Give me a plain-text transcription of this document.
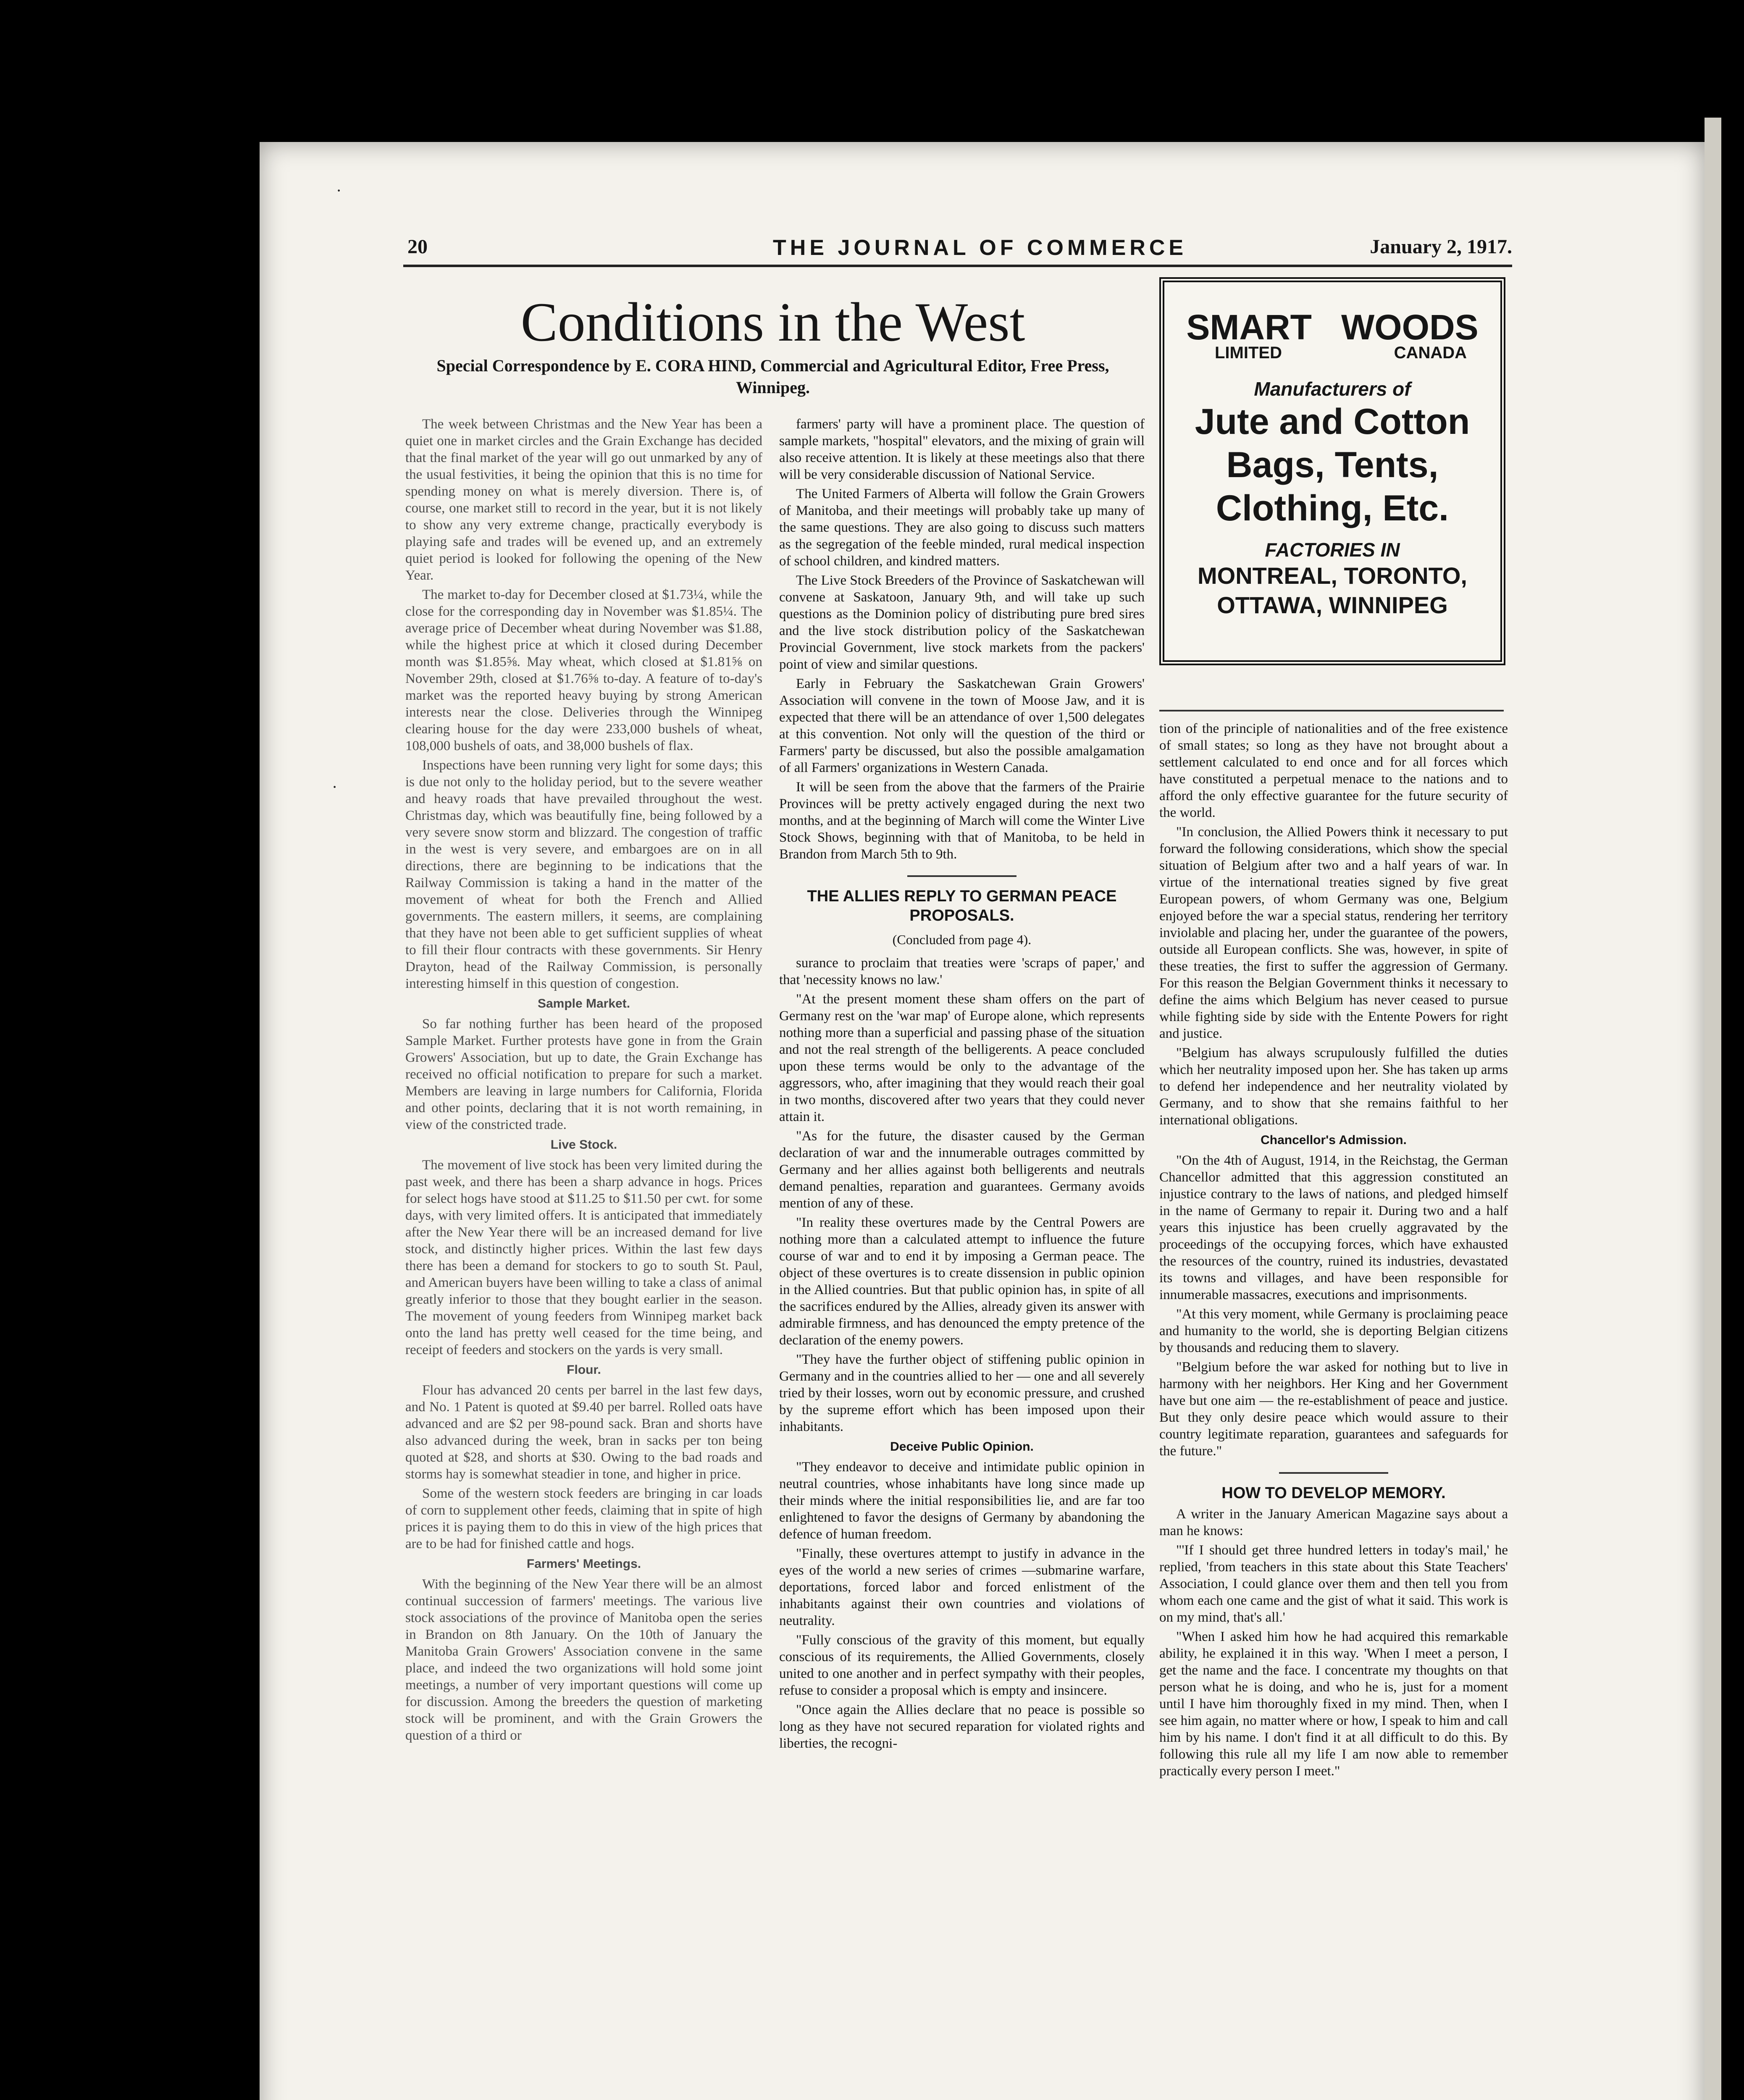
·
·
20	THE JOURNAL OF COMMERCE	January 2, 1917.
Conditions in the West
Special Correspondence by E. CORA HIND, Commercial and Agricultural Editor, Free Press, Winnipeg.

The week between Christmas and the New Year has been a quiet one in market circles and the Grain Exchange has decided that the final market of the year will go out unmarked by any of the usual festivities, it being the opinion that this is no time for spending money on what is merely diversion. There is, of course, one market still to record in the year, but it is not likely to show any very extreme change, practically everybody is playing safe and trades will be evened up, and an extremely quiet period is looked for following the opening of the New Year.

The market to-day for December closed at $1.73¼, while the close for the corresponding day in November was $1.85¼. The average price of December wheat during November was $1.88, while the highest price at which it closed during December month was $1.85⅝. May wheat, which closed at $1.81⅝ on November 29th, closed at $1.76⅝ to-day. A feature of to-day's market was the reported heavy buying by strong American interests near the close. Deliveries through the Winnipeg clearing house for the day were 233,000 bushels of wheat, 108,000 bushels of oats, and 38,000 bushels of flax.

Inspections have been running very light for some days; this is due not only to the holiday period, but to the severe weather and heavy roads that have prevailed throughout the west. Christmas day, which was beautifully fine, being followed by a very severe snow storm and blizzard. The congestion of traffic in the west is very severe, and embargoes are on in all directions, there are beginning to be indications that the Railway Commission is taking a hand in the matter of the movement of wheat for both the French and Allied governments. The eastern millers, it seems, are complaining that they have not been able to get sufficient supplies of wheat to fill their flour contracts with these governments. Sir Henry Drayton, head of the Railway Commission, is personally interesting himself in this question of congestion.

Sample Market.

So far nothing further has been heard of the proposed Sample Market. Further protests have gone in from the Grain Growers' Association, but up to date, the Grain Exchange has received no official notification to prepare for such a market. Members are leaving in large numbers for California, Florida and other points, declaring that it is not worth remaining, in view of the constricted trade.

Live Stock.

The movement of live stock has been very limited during the past week, and there has been a sharp advance in hogs. Prices for select hogs have stood at $11.25 to $11.50 per cwt. for some days, with very limited offers. It is anticipated that immediately after the New Year there will be an increased demand for live stock, and distinctly higher prices. Within the last few days there has been a demand for stockers to go to south St. Paul, and American buyers have been willing to take a class of animal greatly inferior to those that they bought earlier in the season. The movement of young feeders from Winnipeg market back onto the land has pretty well ceased for the time being, and receipt of feeders and stockers on the yards is very small.

Flour.

Flour has advanced 20 cents per barrel in the last few days, and No. 1 Patent is quoted at $9.40 per barrel. Rolled oats have advanced and are $2 per 98-pound sack. Bran and shorts have also advanced during the week, bran in sacks per ton being quoted at $28, and shorts at $30. Owing to the bad roads and storms hay is somewhat steadier in tone, and higher in price.

Some of the western stock feeders are bringing in car loads of corn to supplement other feeds, claiming that in spite of high prices it is paying them to do this in view of the high prices that are to be had for finished cattle and hogs.

Farmers' Meetings.

With the beginning of the New Year there will be an almost continual succession of farmers' meetings. The various live stock associations of the province of Manitoba open the series in Brandon on 8th January. On the 10th of January the Manitoba Grain Growers' Association convene in the same place, and indeed the two organizations will hold some joint meetings, a number of very important questions will come up for discussion. Among the breeders the question of marketing stock will be prominent, and with the Grain Growers the question of a third or

farmers' party will have a prominent place. The question of sample markets, "hospital" elevators, and the mixing of grain will also receive attention. It is likely at these meetings also that there will be very considerable discussion of National Service.

The United Farmers of Alberta will follow the Grain Growers of Manitoba, and their meetings will probably take up many of the same questions. They are also going to discuss such matters as the segregation of the feeble minded, rural medical inspection of school children, and kindred matters.

The Live Stock Breeders of the Province of Saskatchewan will convene at Saskatoon, January 9th, and will take up such questions as the Dominion policy of distributing pure bred sires and the live stock distribution policy of the Saskatchewan Provincial Government, live stock markets from the packers' point of view and similar questions.

Early in February the Saskatchewan Grain Growers' Association will convene in the town of Moose Jaw, and it is expected that there will be an attendance of over 1,500 delegates at this convention. Not only will the question of the third or Farmers' party be discussed, but also the possible amalgamation of all Farmers' organizations in Western Canada.

It will be seen from the above that the farmers of the Prairie Provinces will be pretty actively engaged during the next two months, and at the beginning of March will come the Winter Live Stock Shows, beginning with that of Manitoba, to be held in Brandon from March 5th to 9th.

THE ALLIES REPLY TO GERMAN PEACE PROPOSALS.
(Concluded from page 4).

surance to proclaim that treaties were 'scraps of paper,' and that 'necessity knows no law.'

"At the present moment these sham offers on the part of Germany rest on the 'war map' of Europe alone, which represents nothing more than a superficial and passing phase of the situation and not the real strength of the belligerents. A peace concluded upon these terms would be only to the advantage of the aggressors, who, after imagining that they would reach their goal in two months, discovered after two years that they could never attain it.

"As for the future, the disaster caused by the German declaration of war and the innumerable outrages committed by Germany and her allies against both belligerents and neutrals demand penalties, reparation and guarantees. Germany avoids mention of any of these.

"In reality these overtures made by the Central Powers are nothing more than a calculated attempt to influence the future course of war and to end it by imposing a German peace. The object of these overtures is to create dissension in public opinion in the Allied countries. But that public opinion has, in spite of all the sacrifices endured by the Allies, already given its answer with admirable firmness, and has denounced the empty pretence of the declaration of the enemy powers.

"They have the further object of stiffening public opinion in Germany and in the countries allied to her — one and all severely tried by their losses, worn out by economic pressure, and crushed by the supreme effort which has been imposed upon their inhabitants.

Deceive Public Opinion.

"They endeavor to deceive and intimidate public opinion in neutral countries, whose inhabitants have long since made up their minds where the initial responsibilities lie, and are far too enlightened to favor the designs of Germany by abandoning the defence of human freedom.

"Finally, these overtures attempt to justify in advance in the eyes of the world a new series of crimes —submarine warfare, deportations, forced labor and forced enlistment of the inhabitants against their own countries and violations of neutrality.

"Fully conscious of the gravity of this moment, but equally conscious of its requirements, the Allied Governments, closely united to one another and in perfect sympathy with their peoples, refuse to consider a proposal which is empty and insincere.

"Once again the Allies declare that no peace is possible so long as they have not secured reparation for violated rights and liberties, the recogni-

SMART WOODS
LIMITED	CANADA
Manufacturers of
Jute and Cotton
Bags, Tents,
Clothing, Etc.
FACTORIES IN
MONTREAL, TORONTO,
OTTAWA, WINNIPEG

tion of the principle of nationalities and of the free existence of small states; so long as they have not brought about a settlement calculated to end once and for all forces which have constituted a perpetual menace to the nations and to afford the only effective guarantee for the future security of the world.

"In conclusion, the Allied Powers think it necessary to put forward the following considerations, which show the special situation of Belgium after two and a half years of war. In virtue of the international treaties signed by five great European powers, of whom Germany was one, Belgium enjoyed before the war a special status, rendering her territory inviolable and placing her, under the guarantee of the powers, outside all European conflicts. She was, however, in spite of these treaties, the first to suffer the aggression of Germany. For this reason the Belgian Government thinks it necessary to define the aims which Belgium has never ceased to pursue while fighting side by side with the Entente Powers for right and justice.

"Belgium has always scrupulously fulfilled the duties which her neutrality imposed upon her. She has taken up arms to defend her independence and her neutrality violated by Germany, and to show that she remains faithful to her international obligations.

Chancellor's Admission.

"On the 4th of August, 1914, in the Reichstag, the German Chancellor admitted that this aggression constituted an injustice contrary to the laws of nations, and pledged himself in the name of Germany to repair it. During two and a half years this injustice has been cruelly aggravated by the proceedings of the occupying forces, which have exhausted the resources of the country, ruined its industries, devastated its towns and villages, and have been responsible for innumerable massacres, executions and imprisonments.

"At this very moment, while Germany is proclaiming peace and humanity to the world, she is deporting Belgian citizens by thousands and reducing them to slavery.

"Belgium before the war asked for nothing but to live in harmony with her neighbors. Her King and her Government have but one aim — the re-establishment of peace and justice. But they only desire peace which would assure to their country legitimate reparation, guarantees and safeguards for the future."

HOW TO DEVELOP MEMORY.

A writer in the January American Magazine says about a man he knows:

"'If I should get three hundred letters in today's mail,' he replied, 'from teachers in this state about this State Teachers' Association, I could glance over them and then tell you from whom each one came and the gist of what it said. This work is on my mind, that's all.'

"When I asked him how he had acquired this remarkable ability, he explained it in this way. 'When I meet a person, I get the name and the face. I concentrate my thoughts on that person what he is doing, and who he is, just for a moment until I have him thoroughly fixed in my mind. Then, when I see him again, no matter where or how, I speak to him and call him by his name. I don't find it at all difficult to do this. By following this rule all my life I am now able to remember practically every person I meet."
